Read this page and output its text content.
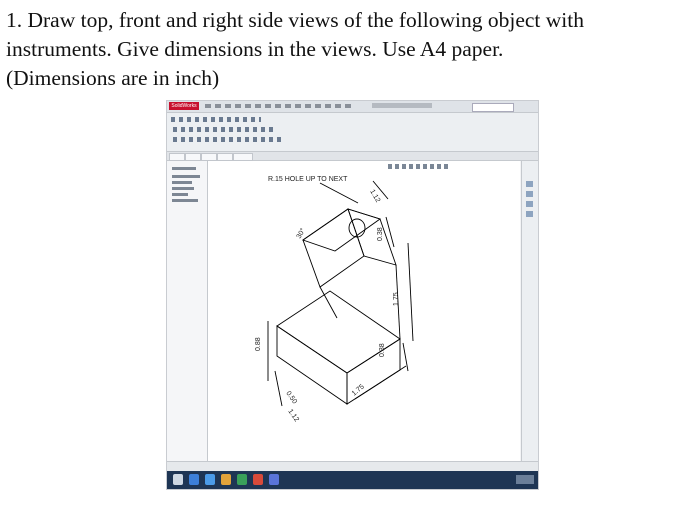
1. Draw top, front and right side views of the following object with
instruments. Give dimensions in the views. Use A4 paper.
(Dimensions are in inch)
SolidWorks
R.15 HOLE UP TO NEXT
1.12
0.38
30°
1.75
0.88	0.38
1.75
0.50
1.12
